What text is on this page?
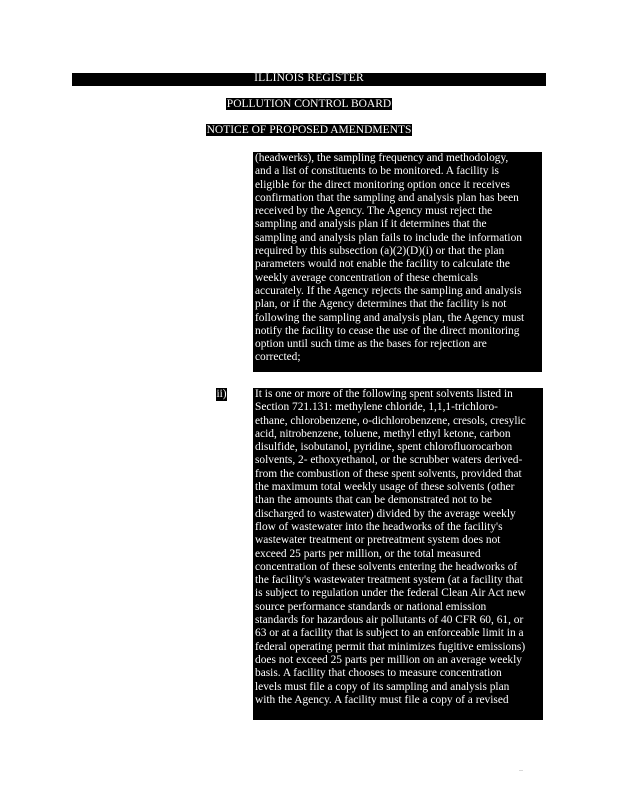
ILLINOIS REGISTER
POLLUTION CONTROL BOARD
NOTICE OF PROPOSED AMENDMENTS

(headwerks), the sampling frequency and methodology,

and a list of constituents to be monitored. A facility is

eligible for the direct monitoring option once it receives

confirmation that the sampling and analysis plan has been

received by the Agency. The Agency must reject the

sampling and analysis plan if it determines that the

sampling and analysis plan fails to include the information

required by this subsection (a)(2)(D)(i) or that the plan

parameters would not enable the facility to calculate the

weekly average concentration of these chemicals

accurately. If the Agency rejects the sampling and analysis

plan, or if the Agency determines that the facility is not

following the sampling and analysis plan, the Agency must

notify the facility to cease the use of the direct monitoring

option until such time as the bases for rejection are

corrected;

ii) It is one or more of the following spent solvents listed in

Section 721.131: methylene chloride, 1,1,1-trichloro-

ethane, chlorobenzene, o-dichlorobenzene, cresols, cresylic

acid, nitrobenzene, toluene, methyl ethyl ketone, carbon

disulfide, isobutanol, pyridine, spent chlorofluorocarbon

solvents, 2- ethoxyethanol, or the scrubber waters derived-

from the combustion of these spent solvents, provided that

the maximum total weekly usage of these solvents (other

than the amounts that can be demonstrated not to be

discharged to wastewater) divided by the average weekly

flow of wastewater into the headworks of the facility's

wastewater treatment or pretreatment system does not

exceed 25 parts per million, or the total measured

concentration of these solvents entering the headworks of

the facility's wastewater treatment system (at a facility that

is subject to regulation under the federal Clean Air Act new

source performance standards or national emission

standards for hazardous air pollutants of 40 CFR 60, 61, or

63 or at a facility that is subject to an enforceable limit in a

federal operating permit that minimizes fugitive emissions)

does not exceed 25 parts per million on an average weekly

basis. A facility that chooses to measure concentration

levels must file a copy of its sampling and analysis plan

with the Agency. A facility must file a copy of a revised
